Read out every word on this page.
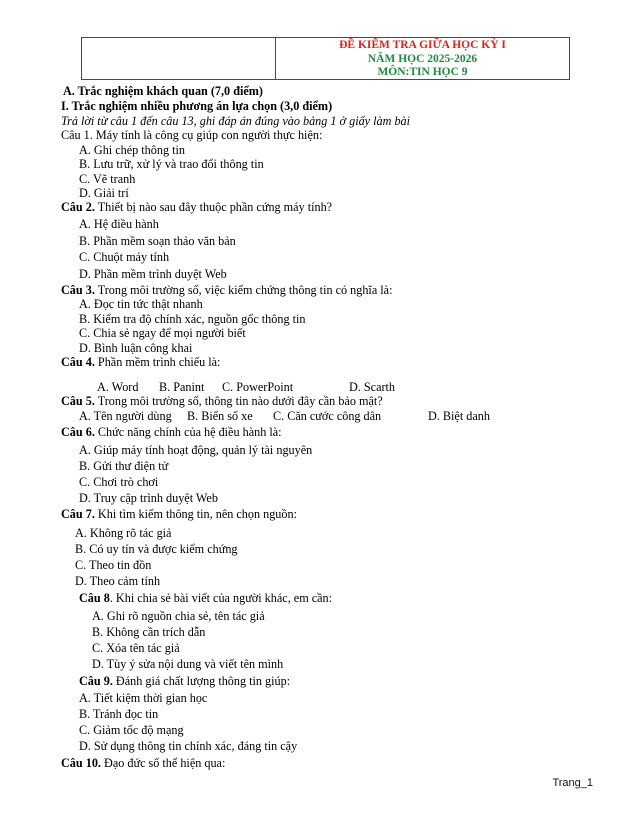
ĐỀ KIỂM TRA GIỮA HỌC KỲ I
NĂM HỌC 2025-2026
MÔN:TIN HỌC 9
A. Trắc nghiệm khách quan (7,0 điểm)
I. Trắc nghiệm nhiều phương án lựa chọn (3,0 điểm)
Trả lời từ câu 1 đến câu 13, ghi đáp án đúng vào bảng 1 ở giấy làm bài
Câu 1. Máy tính là công cụ giúp con người thực hiện:
A. Ghi chép thông tin
B. Lưu trữ, xử lý và trao đổi thông tin
C. Vẽ tranh
D. Giải trí
Câu 2. Thiết bị nào sau đây thuộc phần cứng máy tính?
A. Hệ điều hành
B. Phần mềm soạn thảo văn bản
C. Chuột máy tính
D. Phần mềm trình duyệt Web
Câu 3. Trong môi trường số, việc kiểm chứng thông tin có nghĩa là:
A. Đọc tin tức thật nhanh
B. Kiểm tra độ chính xác, nguồn gốc thông tin
C. Chia sẻ ngay để mọi người biết
D. Bình luận công khai
Câu 4. Phần mềm trình chiếu là:
A. Word B. Panint C. PowerPoint	D. Scarth
Câu 5. Trong môi trường số, thông tin nào dưới đây cần bảo mật?
A. Tên người dùng B. Biển số xe C. Căn cước công dân	D. Biệt danh
Câu 6. Chức năng chính của hệ điều hành là:
A. Giúp máy tính hoạt động, quản lý tài nguyên
B. Gửi thư điện tử
C. Chơi trò chơi
D. Truy cập trình duyệt Web
Câu 7. Khi tìm kiếm thông tin, nên chọn nguồn:
A. Không rõ tác giả
B. Có uy tín và được kiểm chứng
C. Theo tin đồn
D. Theo cảm tính
Câu 8. Khi chia sẻ bài viết của người khác, em cần:
A. Ghi rõ nguồn chia sẻ, tên tác giả
B. Không cần trích dẫn
C. Xóa tên tác giả
D. Tùy ý sửa nội dung và viết tên mình
Câu 9. Đánh giá chất lượng thông tin giúp:
A. Tiết kiệm thời gian học
B. Tránh đọc tin
C. Giảm tốc độ mạng
D. Sử dụng thông tin chính xác, đáng tin cậy
Câu 10. Đạo đức số thể hiện qua:
Trang_1
